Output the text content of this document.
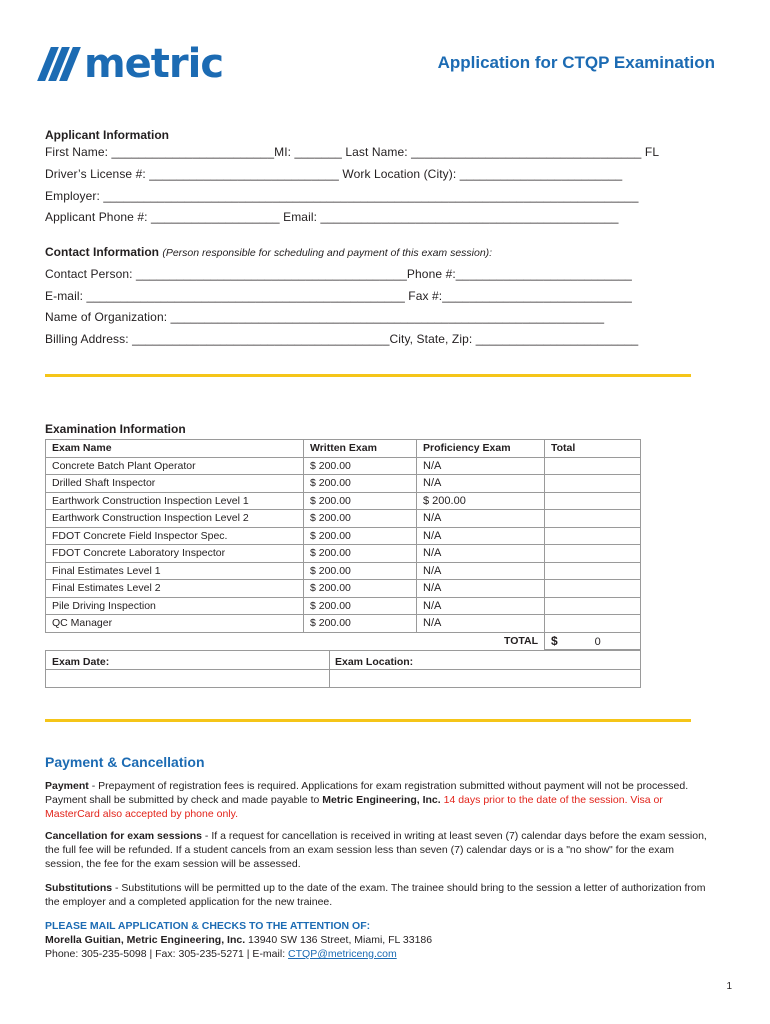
metric	Application for CTQP Examination
Applicant Information
First Name: ________________________MI: _______ Last Name: __________________________________ FL
Driver’s License #: ____________________________ Work Location (City): ________________________
Employer: _______________________________________________________________________________
Applicant Phone #: ___________________ Email: ____________________________________________
Contact Information (Person responsible for scheduling and payment of this exam session):
Contact Person: ________________________________________Phone #:__________________________
E-mail: _______________________________________________ Fax #:____________________________
Name of Organization: ________________________________________________________________
Billing Address: ______________________________________City, State, Zip: ________________________
Examination Information
Exam Name	Written Exam	Proficiency Exam	Total
Concrete Batch Plant Operator	$ 200.00	N/A	
Drilled Shaft Inspector	$ 200.00	N/A	
Earthwork Construction Inspection Level 1	$ 200.00	$ 200.00	
Earthwork Construction Inspection Level 2	$ 200.00	N/A	
FDOT Concrete Field Inspector Spec.	$ 200.00	N/A	
FDOT Concrete Laboratory Inspector	$ 200.00	N/A	
Final Estimates Level 1	$ 200.00	N/A	
Final Estimates Level 2	$ 200.00	N/A	
Pile Driving Inspection	$ 200.00	N/A	
QC Manager	$ 200.00	N/A	
		TOTAL	$ 0
Exam Date:	Exam Location:
Payment & Cancellation
Payment - Prepayment of registration fees is required. Applications for exam registration submitted without payment will not be processed. Payment shall be submitted by check and made payable to Metric Engineering, Inc. 14 days prior to the date of the session. Visa or MasterCard also accepted by phone only.
Cancellation for exam sessions - If a request for cancellation is received in writing at least seven (7) calendar days before the exam session, the full fee will be refunded. If a student cancels from an exam session less than seven (7) calendar days or is a "no show" for the exam session, the fee for the exam session will be assessed.
Substitutions - Substitutions will be permitted up to the date of the exam. The trainee should bring to the session a letter of authorization from the employer and a completed application for the new trainee.
PLEASE MAIL APPLICATION & CHECKS TO THE ATTENTION OF:
Morella Guitian, Metric Engineering, Inc. 13940 SW 136 Street, Miami, FL 33186
Phone: 305-235-5098 | Fax: 305-235-5271 | E-mail: CTQP@metriceng.com
1
